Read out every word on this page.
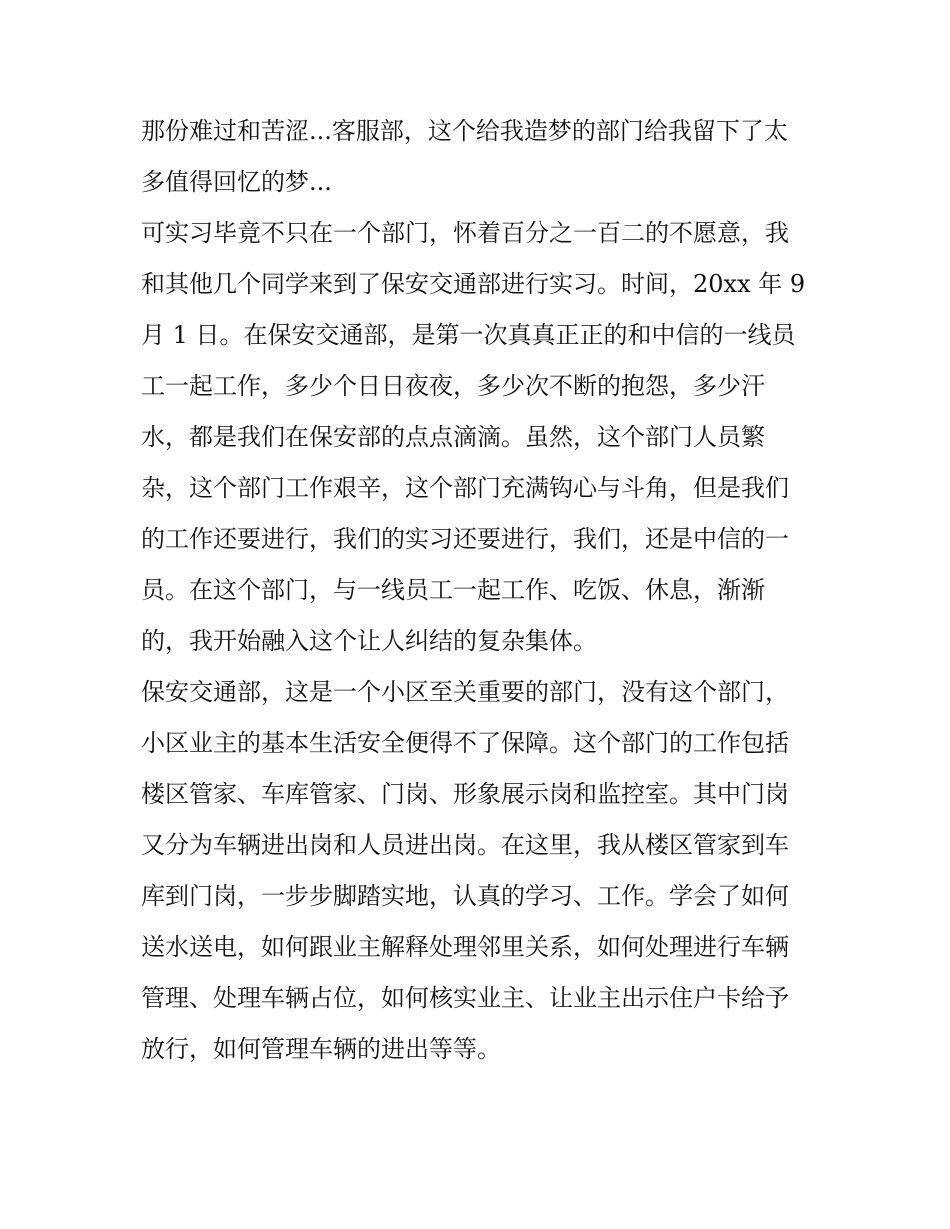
那份难过和苦涩...客服部，这个给我造梦的部门给我留下了太
多值得回忆的梦...
可实习毕竟不只在一个部门，怀着百分之一百二的不愿意，我
和其他几个同学来到了保安交通部进行实习。时间，20xx 年 9
月 1 日。在保安交通部，是第一次真真正正的和中信的一线员
工一起工作，多少个日日夜夜，多少次不断的抱怨，多少汗
水，都是我们在保安部的点点滴滴。虽然，这个部门人员繁
杂，这个部门工作艰辛，这个部门充满钩心与斗角，但是我们
的工作还要进行，我们的实习还要进行，我们，还是中信的一
员。在这个部门，与一线员工一起工作、吃饭、休息，渐渐
的，我开始融入这个让人纠结的复杂集体。
保安交通部，这是一个小区至关重要的部门，没有这个部门，
小区业主的基本生活安全便得不了保障。这个部门的工作包括
楼区管家、车库管家、门岗、形象展示岗和监控室。其中门岗
又分为车辆进出岗和人员进出岗。在这里，我从楼区管家到车
库到门岗，一步步脚踏实地，认真的学习、工作。学会了如何
送水送电，如何跟业主解释处理邻里关系，如何处理进行车辆
管理、处理车辆占位，如何核实业主、让业主出示住户卡给予
放行，如何管理车辆的进出等等。
